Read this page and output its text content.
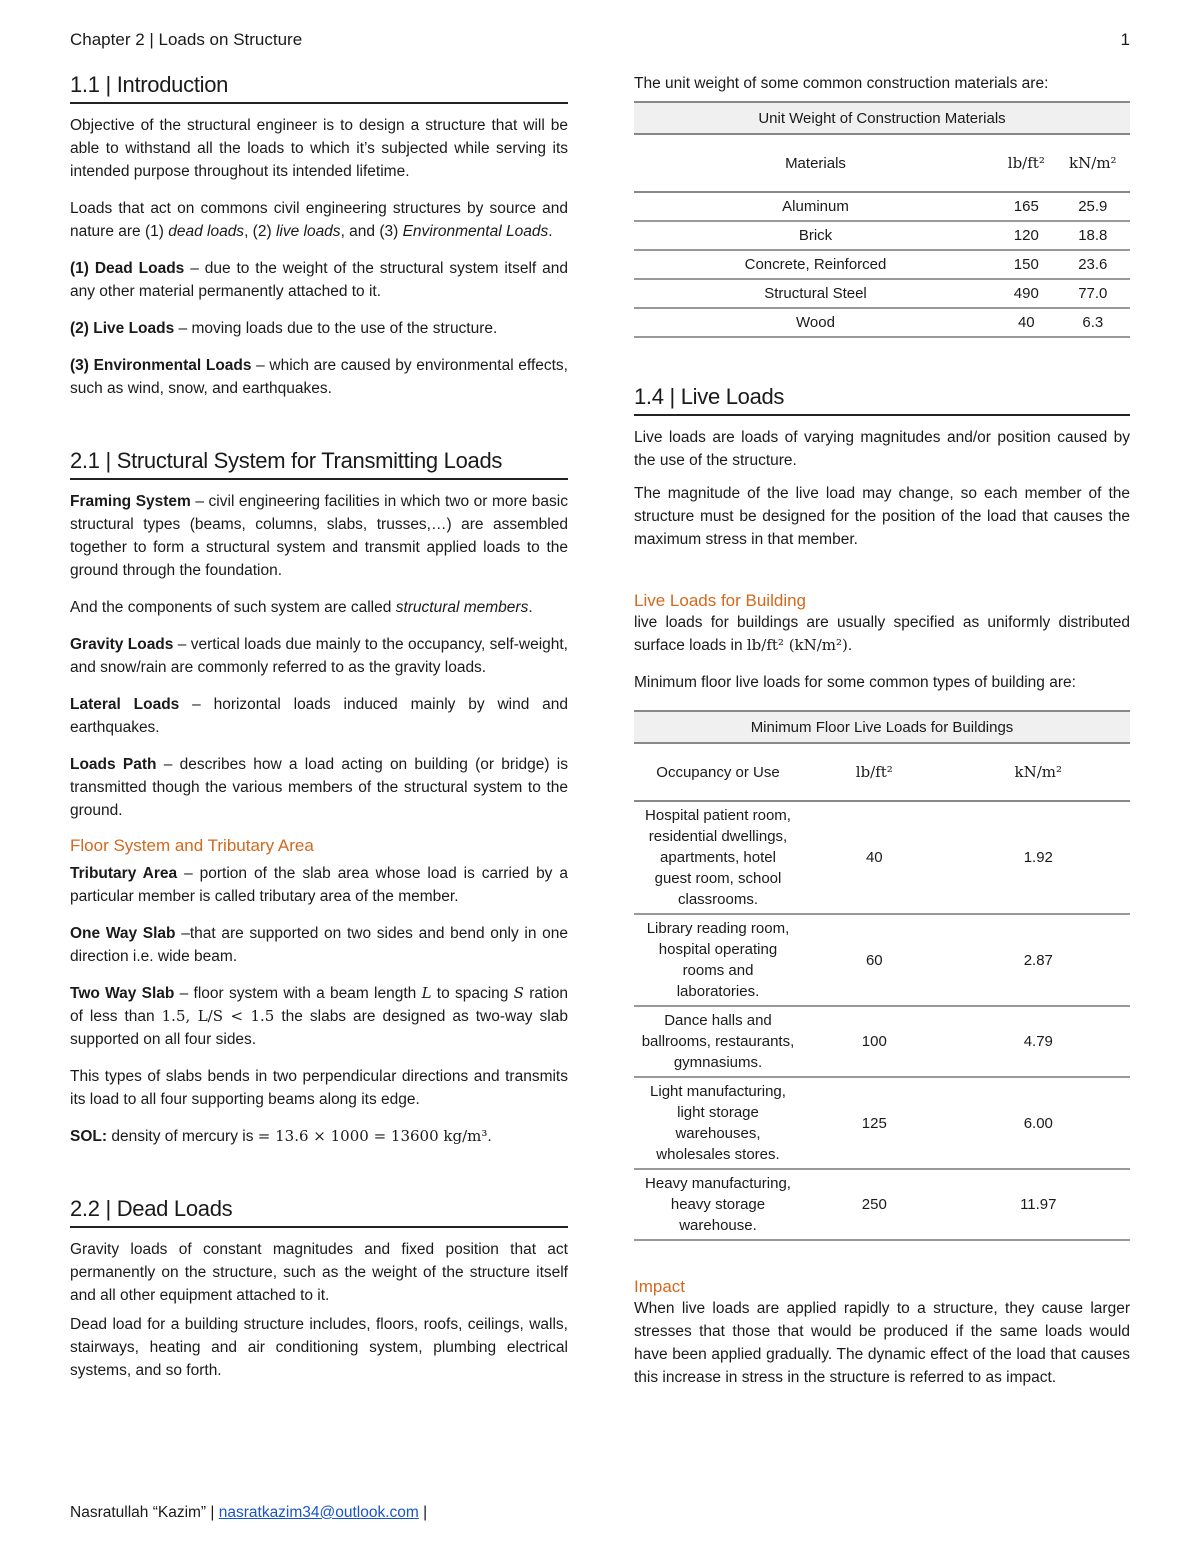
Chapter 2 | Loads on Structure	1
1.1 | Introduction

Objective of the structural engineer is to design a structure that will be able to withstand all the loads to which it’s subjected while serving its intended purpose throughout its intended lifetime.

Loads that act on commons civil engineering structures by source and nature are (1) dead loads, (2) live loads, and (3) Environmental Loads.

(1) Dead Loads – due to the weight of the structural system itself and any other material permanently attached to it.

(2) Live Loads – moving loads due to the use of the structure.

(3) Environmental Loads – which are caused by environmental effects, such as wind, snow, and earthquakes.

2.1 | Structural System for Transmitting Loads

Framing System – civil engineering facilities in which two or more basic structural types (beams, columns, slabs, trusses,…) are assembled together to form a structural system and transmit applied loads to the ground through the foundation.

And the components of such system are called structural members.

Gravity Loads – vertical loads due mainly to the occupancy, self-weight, and snow/rain are commonly referred to as the gravity loads.

Lateral Loads – horizontal loads induced mainly by wind and earthquakes.

Loads Path – describes how a load acting on building (or bridge) is transmitted though the various members of the structural system to the ground.

Floor System and Tributary Area

Tributary Area – portion of the slab area whose load is carried by a particular member is called tributary area of the member.

One Way Slab –that are supported on two sides and bend only in one direction i.e. wide beam.

Two Way Slab – floor system with a beam length L to spacing S ration of less than 1.5, L/S < 1.5 the slabs are designed as two-way slab supported on all four sides.

This types of slabs bends in two perpendicular directions and transmits its load to all four supporting beams along its edge.

SOL: density of mercury is = 13.6 × 1000 = 13600 kg/m³.

2.2 | Dead Loads

Gravity loads of constant magnitudes and fixed position that act permanently on the structure, such as the weight of the structure itself and all other equipment attached to it.

Dead load for a building structure includes, floors, roofs, ceilings, walls, stairways, heating and air conditioning system, plumbing electrical systems, and so forth.

The unit weight of some common construction materials are:

Unit Weight of Construction Materials		
Materials	lb/ft²	kN/m²
Aluminum	165	25.9
Brick	120	18.8
Concrete, Reinforced	150	23.6
Structural Steel	490	77.0
Wood	40	6.3
1.4 | Live Loads

Live loads are loads of varying magnitudes and/or position caused by the use of the structure.

The magnitude of the live load may change, so each member of the structure must be designed for the position of the load that causes the maximum stress in that member.

Live Loads for Building

live loads for buildings are usually specified as uniformly distributed surface loads in lb/ft² (kN/m²).

Minimum floor live loads for some common types of building are:

Minimum Floor Live Loads for Buildings		
Occupancy or Use	lb/ft²	kN/m²
Hospital patient room, residential dwellings, apartments, hotel guest room, school classrooms.	40	1.92
Library reading room, hospital operating rooms and laboratories.	60	2.87
Dance halls and ballrooms, restaurants, gymnasiums.	100	4.79
Light manufacturing, light storage warehouses, wholesales stores.	125	6.00
Heavy manufacturing, heavy storage warehouse.	250	11.97
Impact

When live loads are applied rapidly to a structure, they cause larger stresses that those that would be produced if the same loads would have been applied gradually. The dynamic effect of the load that causes this increase in stress in the structure is referred to as impact.

Nasratullah “Kazim” | nasratkazim34@outlook.com |
